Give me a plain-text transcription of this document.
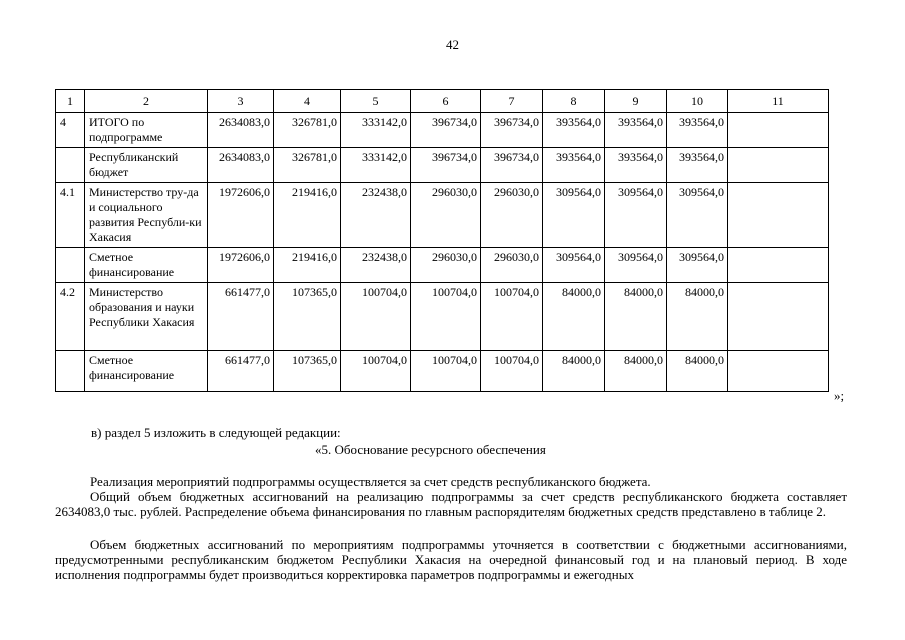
42
1	2	3	4	5	6	7	8	9	10	11
4	ИТОГО по подпрограмме	2634083,0	326781,0	333142,0	396734,0	396734,0	393564,0	393564,0	393564,0	
	Республиканский бюджет	2634083,0	326781,0	333142,0	396734,0	396734,0	393564,0	393564,0	393564,0	
4.1	Министерство тру-да и социального развития Республи-ки Хакасия	1972606,0	219416,0	232438,0	296030,0	296030,0	309564,0	309564,0	309564,0	
	Сметное финансирование	1972606,0	219416,0	232438,0	296030,0	296030,0	309564,0	309564,0	309564,0	
4.2	Министерство образования и науки Республики Хакасия	661477,0	107365,0	100704,0	100704,0	100704,0	84000,0	84000,0	84000,0	
	Сметное финансирование	661477,0	107365,0	100704,0	100704,0	100704,0	84000,0	84000,0	84000,0	
»;
в) раздел 5 изложить в следующей редакции:
«5. Обоснование ресурсного обеспечения
Реализация мероприятий подпрограммы осуществляется за счет средств республиканского бюджета.
Общий объем бюджетных ассигнований на реализацию подпрограммы за счет средств республиканского бюджета составляет 2634083,0 тыс. рублей. Распределение объема финансирования по главным распорядителям бюджетных средств представлено в таблице 2.
Объем бюджетных ассигнований по мероприятиям подпрограммы уточняется в соответствии с бюджетными ассигнованиями, предусмотренными республиканским бюджетом Республики Хакасия на очередной финансовый год и на плановый период. В ходе исполнения подпрограммы будет производиться корректировка параметров подпрограммы и ежегодных
